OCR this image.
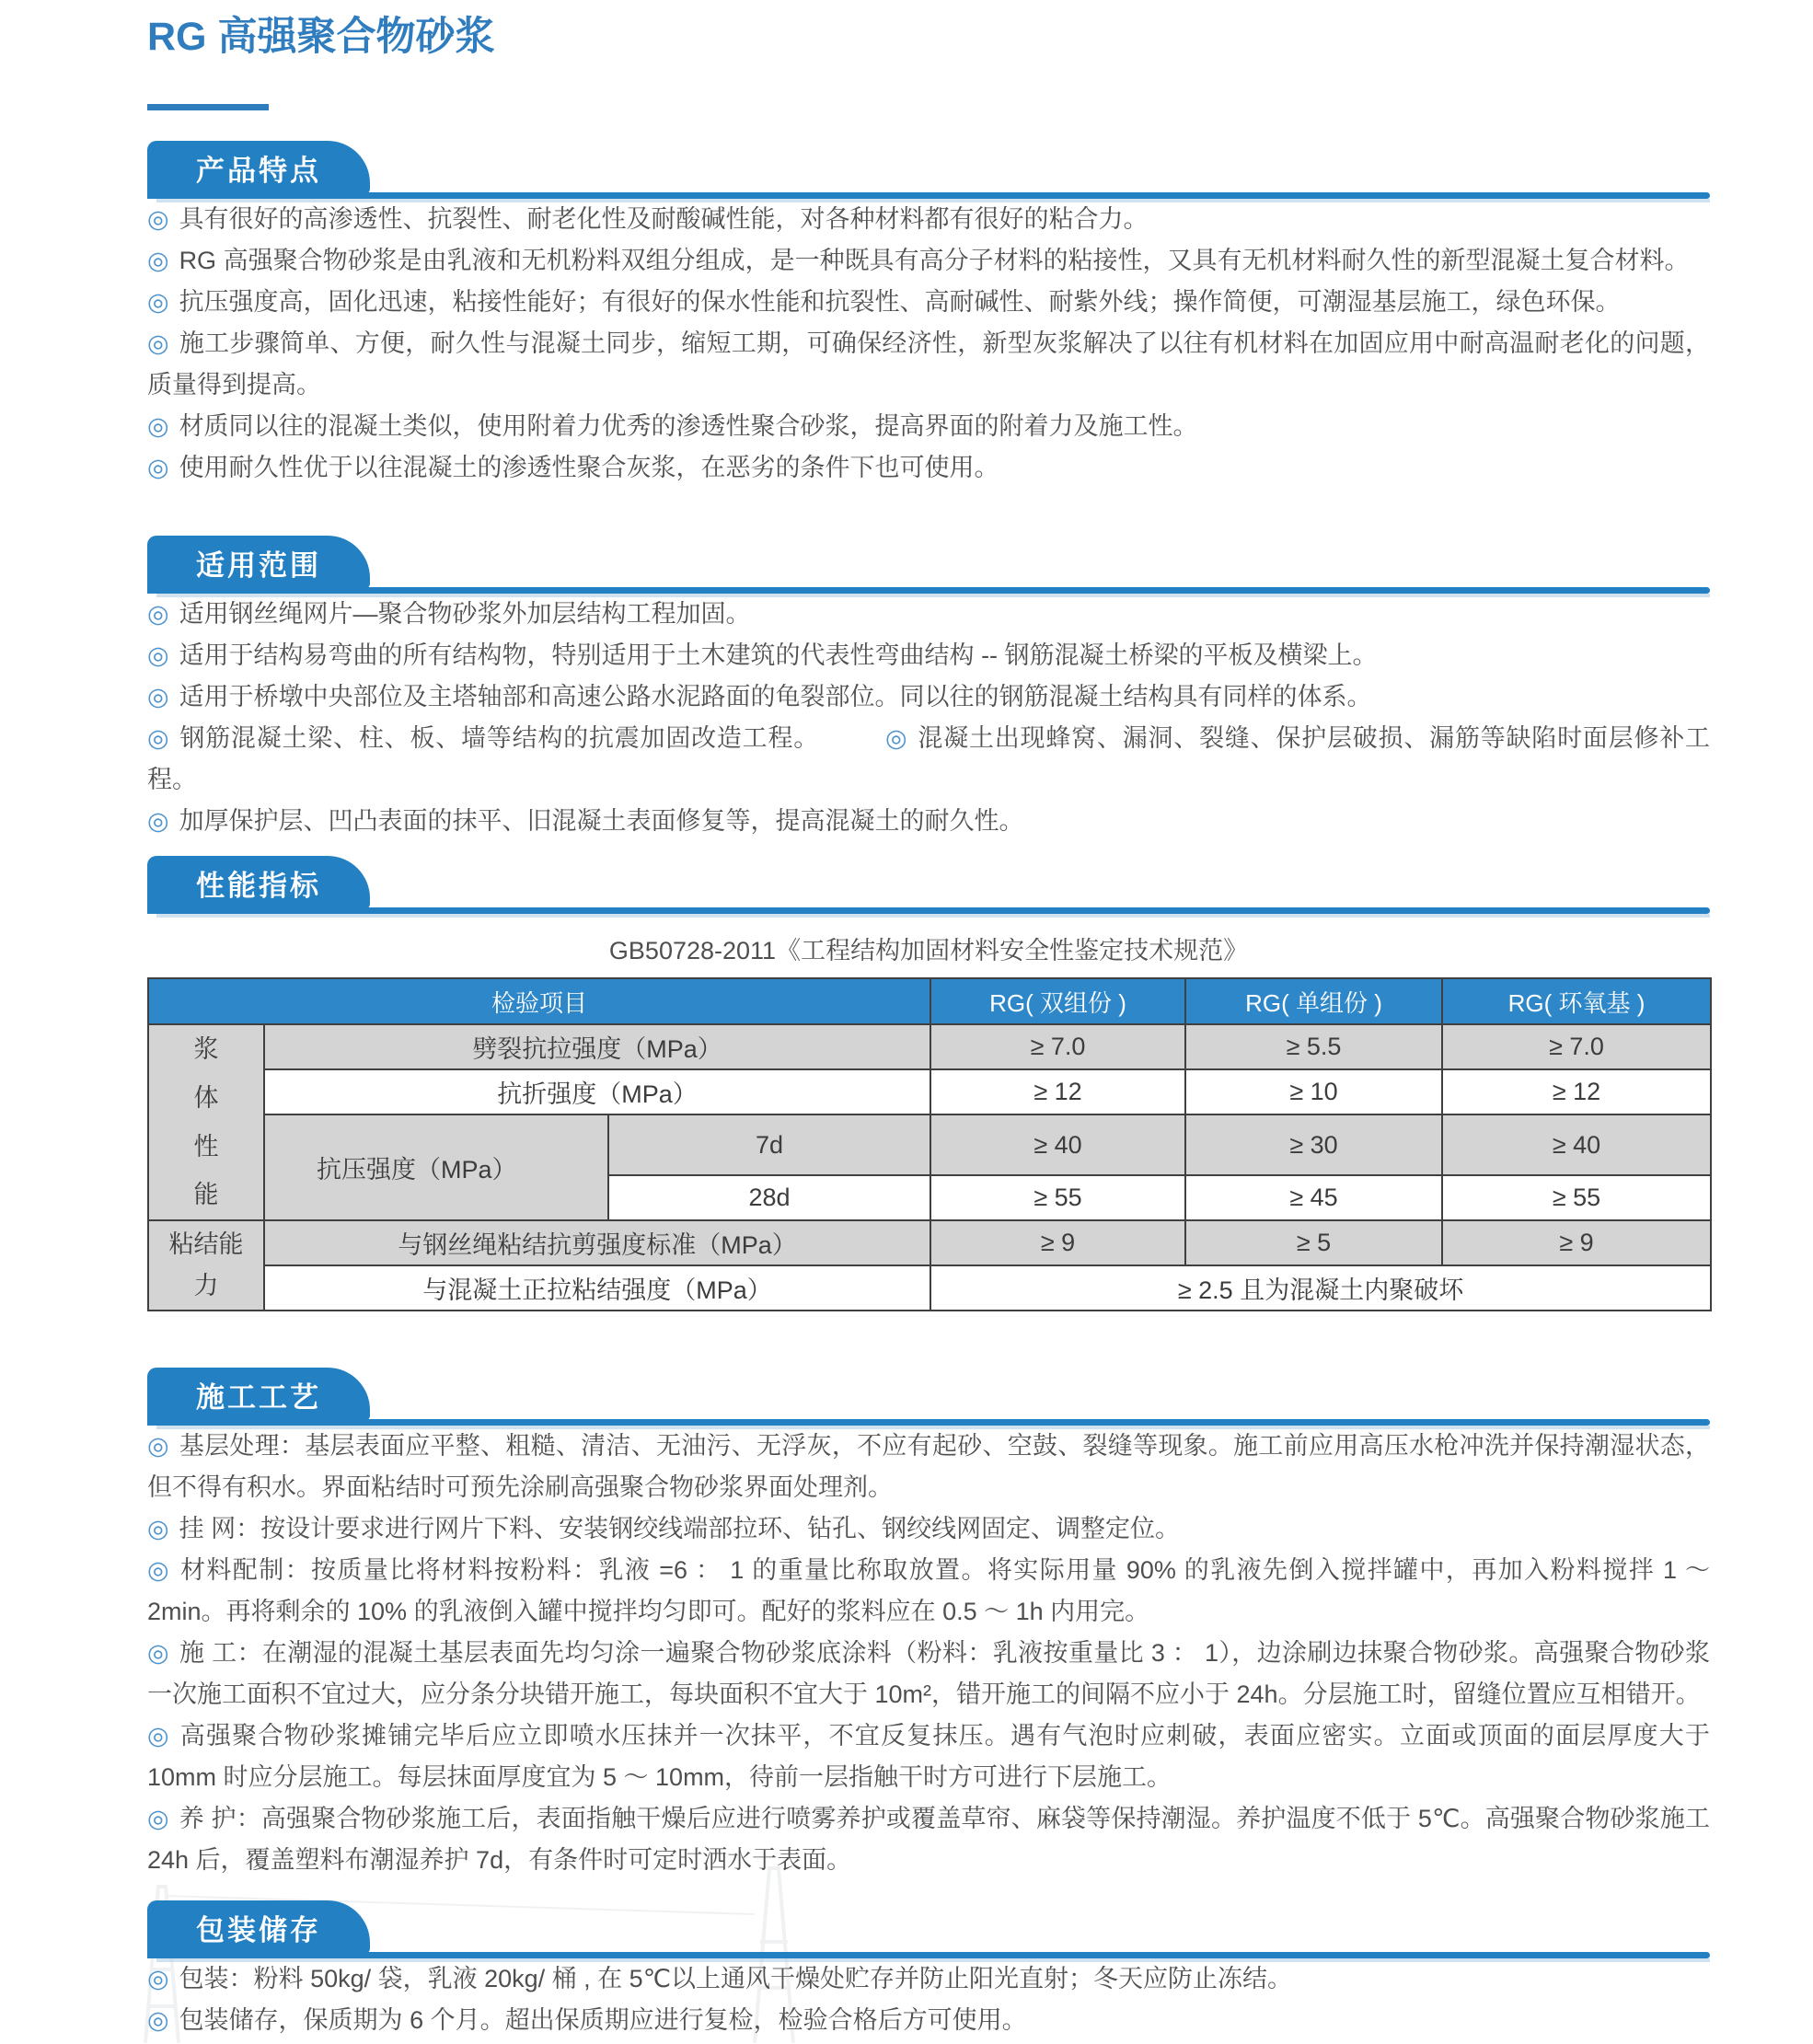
RG 高强聚合物砂浆
产品特点
◎ 具有很好的高渗透性、抗裂性、耐老化性及耐酸碱性能，对各种材料都有很好的粘合力。
◎ RG 高强聚合物砂浆是由乳液和无机粉料双组分组成，是一种既具有高分子材料的粘接性，又具有无机材料耐久性的新型混凝土复合材料。
◎ 抗压强度高，固化迅速，粘接性能好；有很好的保水性能和抗裂性、高耐碱性、耐紫外线；操作简便，可潮湿基层施工，绿色环保。
◎ 施工步骤简单、方便，耐久性与混凝土同步，缩短工期，可确保经济性，新型灰浆解决了以往有机材料在加固应用中耐高温耐老化的问题，质量得到提高。
◎ 材质同以往的混凝土类似，使用附着力优秀的渗透性聚合砂浆，提高界面的附着力及施工性。
◎ 使用耐久性优于以往混凝土的渗透性聚合灰浆，在恶劣的条件下也可使用。
适用范围
◎ 适用钢丝绳网片—聚合物砂浆外加层结构工程加固。
◎ 适用于结构易弯曲的所有结构物，特别适用于土木建筑的代表性弯曲结构 -- 钢筋混凝土桥梁的平板及横梁上。
◎ 适用于桥墩中央部位及主塔轴部和高速公路水泥路面的龟裂部位。同以往的钢筋混凝土结构具有同样的体系。
◎ 钢筋混凝土梁、柱、板、墙等结构的抗震加固改造工程。	◎ 混凝土出现蜂窝、漏洞、裂缝、保护层破损、漏筋等缺陷时面层修补工程。
◎ 加厚保护层、凹凸表面的抹平、旧混凝土表面修复等，提高混凝土的耐久性。
性能指标
GB50728-2011《工程结构加固材料安全性鉴定技术规范》
检验项目			RG( 双组份 )	RG( 单组份 )	RG( 环氧基 )
浆体性能	劈裂抗拉强度（MPa）		≥ 7.0	≥ 5.5	≥ 7.0
	抗折强度（MPa）		≥ 12	≥ 10	≥ 12
	抗压强度（MPa）	7d	≥ 40	≥ 30	≥ 40
		28d	≥ 55	≥ 45	≥ 55
粘结能力	与钢丝绳粘结抗剪强度标准（MPa）		≥ 9	≥ 5	≥ 9
	与混凝土正拉粘结强度（MPa）		≥ 2.5 且为混凝土内聚破坏		
施工工艺
◎ 基层处理：基层表面应平整、粗糙、清洁、无油污、无浮灰，不应有起砂、空鼓、裂缝等现象。施工前应用高压水枪冲洗并保持潮湿状态，但不得有积水。界面粘结时可预先涂刷高强聚合物砂浆界面处理剂。
◎ 挂 网：按设计要求进行网片下料、安装钢绞线端部拉环、钻孔、钢绞线网固定、调整定位。
◎ 材料配制：按质量比将材料按粉料：乳液 =6 ： 1 的重量比称取放置。将实际用量 90% 的乳液先倒入搅拌罐中，再加入粉料搅拌 1 ～ 2min。再将剩余的 10% 的乳液倒入罐中搅拌均匀即可。配好的浆料应在 0.5 ～ 1h 内用完。
◎ 施 工：在潮湿的混凝土基层表面先均匀涂一遍聚合物砂浆底涂料（粉料：乳液按重量比 3 ： 1），边涂刷边抹聚合物砂浆。高强聚合物砂浆一次施工面积不宜过大，应分条分块错开施工，每块面积不宜大于 10m²，错开施工的间隔不应小于 24h。分层施工时，留缝位置应互相错开。
◎ 高强聚合物砂浆摊铺完毕后应立即喷水压抹并一次抹平，不宜反复抹压。遇有气泡时应刺破，表面应密实。立面或顶面的面层厚度大于 10mm 时应分层施工。每层抹面厚度宜为 5 ～ 10mm，待前一层指触干时方可进行下层施工。
◎ 养 护：高强聚合物砂浆施工后，表面指触干燥后应进行喷雾养护或覆盖草帘、麻袋等保持潮湿。养护温度不低于 5℃。高强聚合物砂浆施工 24h 后，覆盖塑料布潮湿养护 7d，有条件时可定时洒水于表面。
包装储存
◎ 包装：粉料 50kg/ 袋，乳液 20kg/ 桶 , 在 5℃以上通风干燥处贮存并防止阳光直射；冬天应防止冻结。
◎ 包装储存，保质期为 6 个月。超出保质期应进行复检，检验合格后方可使用。
